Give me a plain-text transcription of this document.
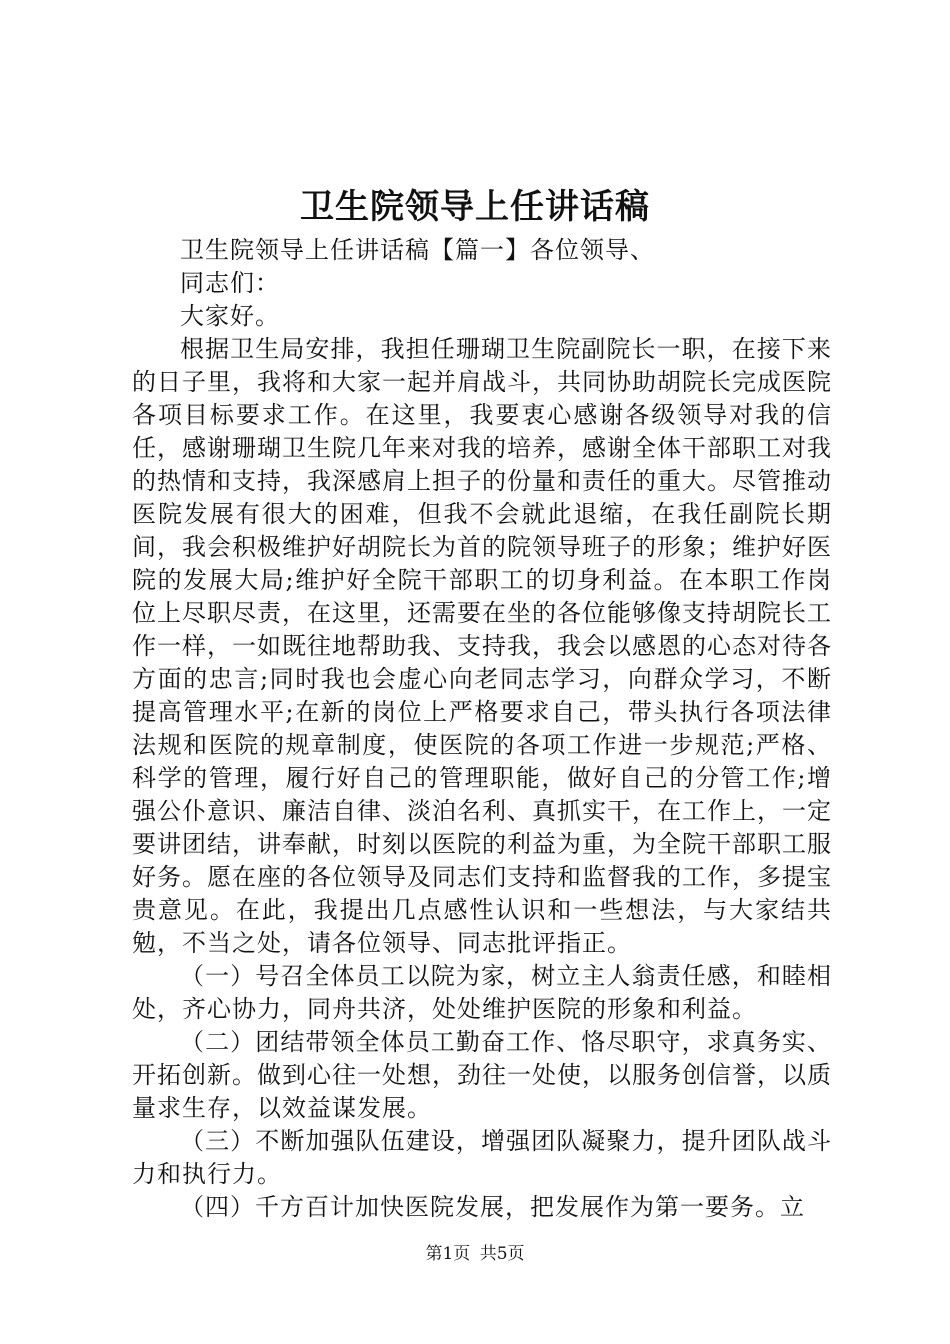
卫生院领导上任讲话稿

卫生院领导上任讲话稿【篇一】各位领导、

同志们：

大家好。

根据卫生局安排，我担任珊瑚卫生院副院长一职，在接下来的日子里，我将和大家一起并肩战斗，共同协助胡院长完成医院各项目标要求工作。在这里，我要衷心感谢各级领导对我的信任，感谢珊瑚卫生院几年来对我的培养，感谢全体干部职工对我的热情和支持，我深感肩上担子的份量和责任的重大。尽管推动医院发展有很大的困难，但我不会就此退缩，在我任副院长期间，我会积极维护好胡院长为首的院领导班子的形象；维护好医院的发展大局;维护好全院干部职工的切身利益。在本职工作岗位上尽职尽责，在这里，还需要在坐的各位能够像支持胡院长工作一样，一如既往地帮助我、支持我，我会以感恩的心态对待各方面的忠言;同时我也会虚心向老同志学习，向群众学习，不断提高管理水平;在新的岗位上严格要求自己，带头执行各项法律法规和医院的规章制度，使医院的各项工作进一步规范;严格、科学的管理，履行好自己的管理职能，做好自己的分管工作;增强公仆意识、廉洁自律、淡泊名利、真抓实干，在工作上，一定要讲团结，讲奉献，时刻以医院的利益为重，为全院干部职工服好务。愿在座的各位领导及同志们支持和监督我的工作，多提宝贵意见。在此，我提出几点感性认识和一些想法，与大家结共勉，不当之处，请各位领导、同志批评指正。

（一）号召全体员工以院为家，树立主人翁责任感，和睦相处，齐心协力，同舟共济，处处维护医院的形象和利益。

（二）团结带领全体员工勤奋工作、恪尽职守，求真务实、开拓创新。做到心往一处想，劲往一处使，以服务创信誉，以质量求生存，以效益谋发展。

（三）不断加强队伍建设，增强团队凝聚力，提升团队战斗力和执行力。

（四）千方百计加快医院发展，把发展作为第一要务。立

第1页 共5页
